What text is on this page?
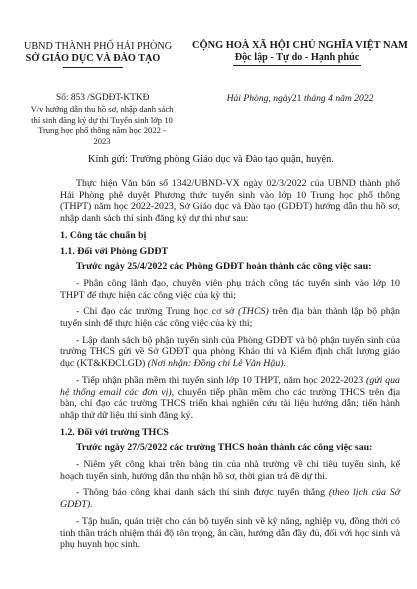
UBND THÀNH PHỐ HẢI PHÒNG
SỞ GIÁO DỤC VÀ ĐÀO TẠO
CỘNG HOÀ XÃ HỘI CHỦ NGHĨA VIỆT NAM
Độc lập - Tự do - Hạnh phúc
Số: 853 /SGDĐT-KTKĐ
V/v hướng dẫn thu hồ sơ, nhập danh sách thí sinh đăng ký dự thi Tuyển sinh lớp 10 Trung học phổ thông năm học 2022 - 2023
Hải Phòng, ngày21 tháng 4 năm 2022
Kính gửi: Trường phòng Giáo dục và Đào tạo quận, huyện.

Thực hiện Văn bản số 1342/UBND-VX ngày 02/3/2022 của UBND thành phố Hải Phòng phê duyệt Phương thức tuyển sinh vào lớp 10 Trung học phổ thông (THPT) năm học 2022-2023, Sở Giáo dục và Đào tạo (GDĐT) hướng dẫn thu hồ sơ, nhập danh sách thí sinh đăng ký dự thi như sau:

1. Công tác chuẩn bị

1.1. Đối với Phòng GDĐT

Trước ngày 25/4/2022 các Phòng GDĐT hoàn thành các công việc sau:

- Phân công lãnh đạo, chuyên viên phụ trách công tác tuyển sinh vào lớp 10 THPT để thực hiện các công việc của kỳ thi;

- Chỉ đạo các trường Trung học cơ sở (THCS) trên địa bàn thành lập bộ phận tuyển sinh để thực hiện các công việc của kỳ thi;

- Lập danh sách bộ phận tuyển sinh của Phòng GDĐT và bộ phận tuyển sinh của trường THCS gửi về Sở GDĐT qua phòng Khảo thí và Kiểm định chất lượng giáo dục (KT&KĐCLGD) (Nơi nhận: Đồng chí Lê Văn Hậu).

- Tiếp nhận phần mềm thi tuyển sinh lớp 10 THPT, năm học 2022-2023 (gửi qua hệ thống email các đơn vị), chuyển tiếp phần mềm cho các trường THCS trên địa bàn, chỉ đạo các trường THCS triển khai nghiên cứu tài liệu hướng dẫn; tiến hành nhập thử dữ liệu thí sinh đăng ký.

1.2. Đối với trường THCS

Trước ngày 27/5/2022 các trường THCS hoàn thành các công việc sau:

- Niêm yết công khai trên bảng tin của nhà trường về chỉ tiêu tuyển sinh, kế hoạch tuyển sinh, hướng dẫn thu nhận hồ sơ, thời gian trả đề dự thi.

- Thông báo công khai danh sách thí sinh được tuyển thẳng (theo lịch của Sở GDĐT).

- Tập huấn, quán triệt cho cán bộ tuyển sinh về kỹ năng, nghiệp vụ, đồng thời có tinh thần trách nhiệm thái độ tôn trọng, ân cần, hướng dẫn đầy đủ, đối với học sinh và phụ huynh học sinh.
